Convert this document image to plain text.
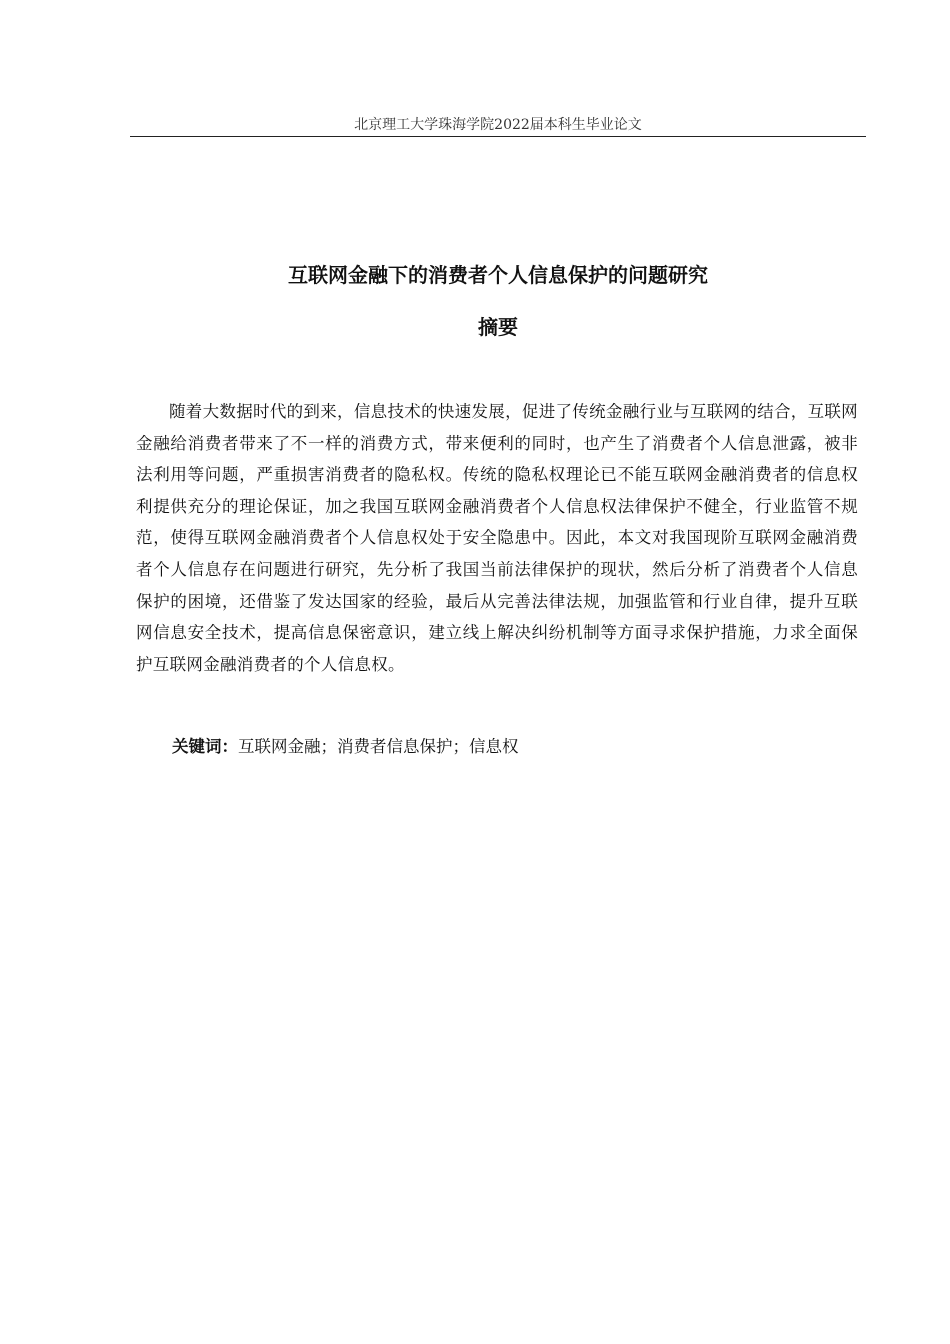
北京理工大学珠海学院2022届本科生毕业论文
互联网金融下的消费者个人信息保护的问题研究
摘要

随着大数据时代的到来，信息技术的快速发展，促进了传统金融行业与互联网的结合，互联网金融给消费者带来了不一样的消费方式，带来便利的同时，也产生了消费者个人信息泄露，被非法利用等问题，严重损害消费者的隐私权。传统的隐私权理论已不能互联网金融消费者的信息权利提供充分的理论保证，加之我国互联网金融消费者个人信息权法律保护不健全，行业监管不规范，使得互联网金融消费者个人信息权处于安全隐患中。因此，本文对我国现阶互联网金融消费者个人信息存在问题进行研究，先分析了我国当前法律保护的现状，然后分析了消费者个人信息保护的困境，还借鉴了发达国家的经验，最后从完善法律法规，加强监管和行业自律，提升互联网信息安全技术，提高信息保密意识，建立线上解决纠纷机制等方面寻求保护措施，力求全面保护互联网金融消费者的个人信息权。

关键词：互联网金融；消费者信息保护；信息权
